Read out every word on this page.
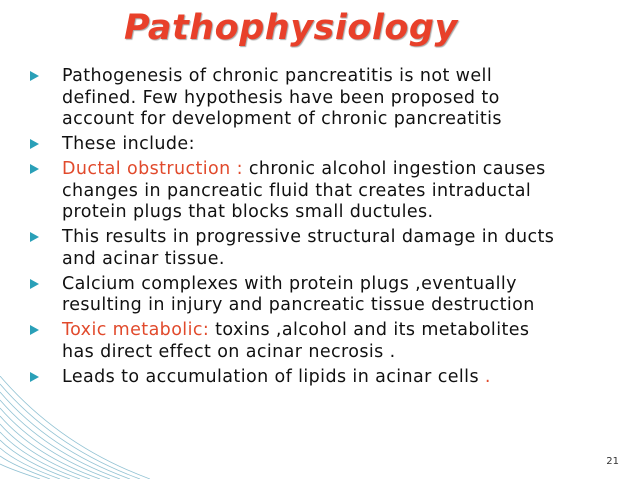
Pathophysiology
Pathogenesis of chronic pancreatitis is not well
defined. Few hypothesis have been proposed to
account for development of chronic pancreatitis
These include:
Ductal obstruction : chronic alcohol ingestion causes
changes in pancreatic fluid that creates intraductal
protein plugs that blocks small ductules.
This results in progressive structural damage in ducts
and acinar tissue.
Calcium complexes with protein plugs ,eventually
resulting in injury and pancreatic tissue destruction
Toxic metabolic: toxins ,alcohol and its metabolites
has direct effect on acinar necrosis .
Leads to accumulation of lipids in acinar cells .
21
